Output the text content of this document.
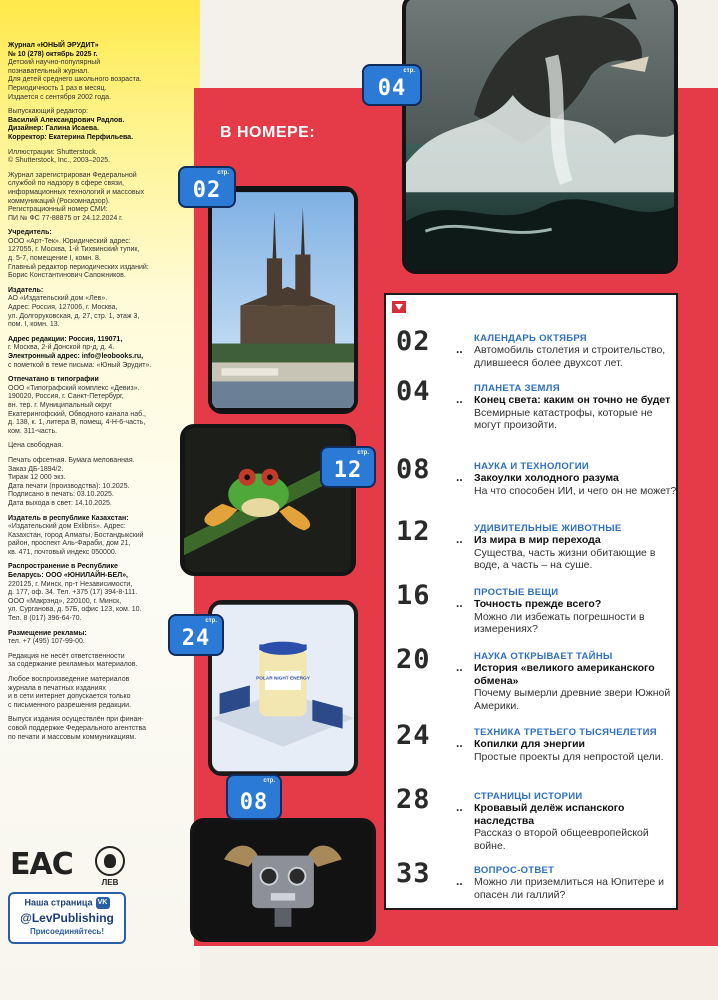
Журнал «ЮНЫЙ ЭРУДИТ»
№ 10 (278) октябрь 2025 г.
Детский научно-популярный
познавательный журнал.
Для детей среднего школьного возраста.
Периодичность 1 раз в месяц.
Издается с сентября 2002 года.
Выпускающий редактор:
Василий Александрович Радлов.
Дизайнер: Галина Исаева.
Корректор: Екатерина Перфильева.
Иллюстрации: Shutterstock.
© Shutterstock, Inc., 2003–2025.
Журнал зарегистрирован Федеральной
службой по надзору в сфере связи,
информационных технологий и массовых
коммуникаций (Роскомнадзор).
Регистрационный номер СМИ:
ПИ № ФС 77-88875 от 24.12.2024 г.
Учредитель:
ООО «Арт-Тек». Юридический адрес:
127055, г. Москва, 1-й Тихвинский тупик,
д. 5-7, помещение I, комн. 8.
Главный редактор периодических изданий:
Борис Константинович Сапожников.
Издатель:
АО «Издательский дом «Лев».
Адрес: Россия, 127006, г. Москва,
ул. Долгоруковская, д. 27, стр. 1, этаж 3,
пом. I, комн. 13.
Адрес редакции: Россия, 119071,
г. Москва, 2-й Донской пр-д, д. 4.
Электронный адрес: info@leobooks.ru,
с пометкой в теме письма: «Юный Эрудит».
Отпечатано в типографии
ООО «Типографский комплекс «Девиз».
190020, Россия, г. Санкт-Петербург,
вн. тер. г. Муниципальный округ
Екатерингофский, Обводного канала наб.,
д. 138, к. 1, литера В, помещ. 4-Н-6-часть,
ком. 311-часть.
Цена свободная.
Печать офсетная. Бумага мелованная.
Заказ ДБ-1894/2.
Тираж 12 000 экз.
Дата печати (производства): 10.2025.
Подписано в печать: 03.10.2025.
Дата выхода в свет: 14.10.2025.
Издатель в республике Казахстан:
«Издательский дом Exlibris». Адрес:
Казахстан, город Алматы, Бостандыкский
район, проспект Аль-Фараби, дом 21,
кв. 471, почтовый индекс 050000.
Распространение в Республике
Беларусь: ООО «ЮНИЛАЙН-БЕЛ»,
220125, г. Минск, пр-т Независимости,
д. 177, оф. 34. Тел. +375 (17) 394-8-111.
ООО «Макрэнд», 220100, г. Минск,
ул. Сурганова, д. 57Б, офис 123, ком. 10.
Тел. 8 (017) 396-64-70.
Размещение рекламы:
тел. +7 (495) 107-99-00.
Редакция не несёт ответственности
за содержание рекламных материалов.
Любое воспроизведение материалов
журнала в печатных изданиях
и в сети интернет допускается только
с письменного разрешения редакции.
Выпуск издания осуществлён при финан-
совой поддержке Федерального агентства
по печати и массовым коммуникациям.
EAC
ЛЕВ
Наша страница VK
@LevPublishing
Присоединяйтесь!
В НОМЕРЕ:
стр.
04
стр.
02
стр.
12
POLAR NIGHT ENERGY
стр.
24
стр.
08
02 ..
КАЛЕНДАРЬ ОКТЯБРЯ
Автомобиль столетия и строительство, длившееся более двухсот лет.
04 ..
ПЛАНЕТА ЗЕМЛЯ
Конец света: каким он точно не будет
Всемирные катастрофы, которые не могут произойти.
08 ..
НАУКА И ТЕХНОЛОГИИ
Закоулки холодного разума
На что способен ИИ, и чего он не может?
12 ..
УДИВИТЕЛЬНЫЕ ЖИВОТНЫЕ
Из мира в мир перехода
Существа, часть жизни обитающие в воде, а часть – на суше.
16 ..
ПРОСТЫЕ ВЕЩИ
Точность прежде всего?
Можно ли избежать погрешности в измерениях?
20 ..
НАУКА ОТКРЫВАЕТ ТАЙНЫ
История «великого американского обмена»
Почему вымерли древние звери Южной Америки.
24 ..
ТЕХНИКА ТРЕТЬЕГО ТЫСЯЧЕЛЕТИЯ
Копилки для энергии
Простые проекты для непростой цели.
28 ..
СТРАНИЦЫ ИСТОРИИ
Кровавый делёж испанского наследства
Рассказ о второй общеевропейской войне.
33 ..
ВОПРОС-ОТВЕТ
Можно ли приземлиться на Юпитере и опасен ли галлий?
